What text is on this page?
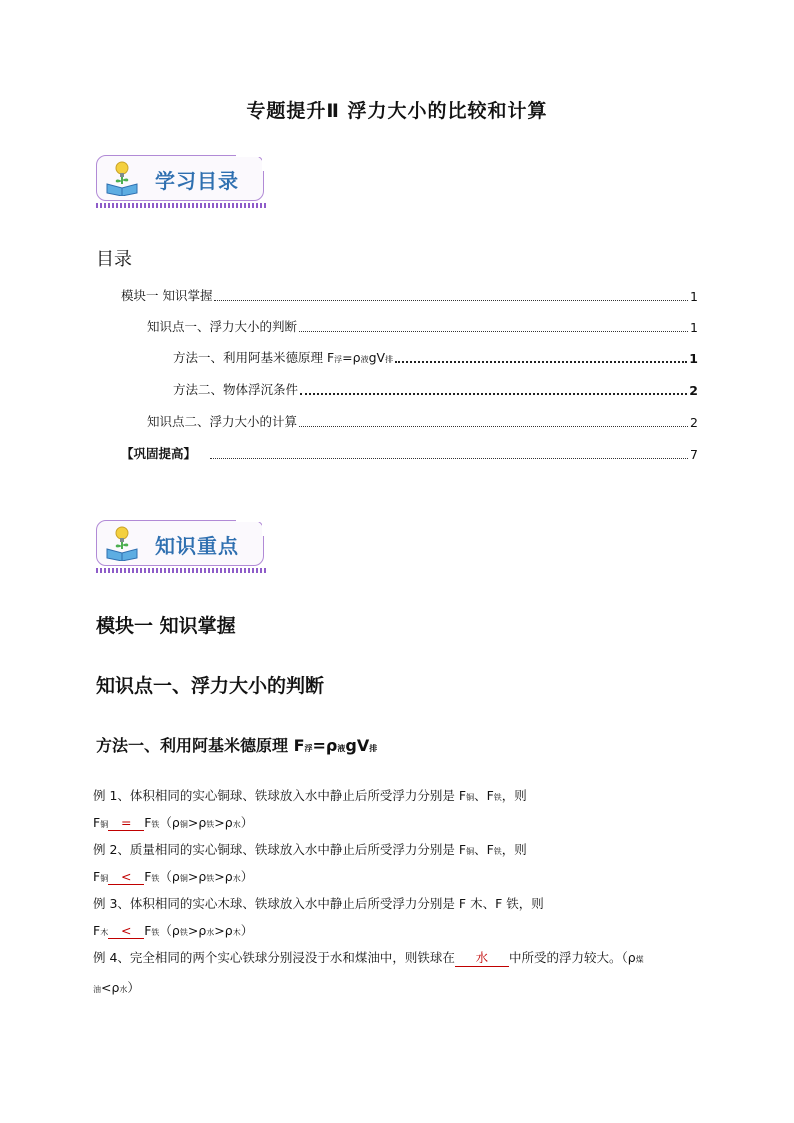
专题提升Ⅱ 浮力大小的比较和计算
学习目录
目录
模块一 知识掌握	1
知识点一、浮力大小的判断	1
方法一、利用阿基米德原理 F浮=ρ液gV排	1
方法二、物体浮沉条件	2
知识点二、浮力大小的计算	2
【巩固提高】	7
知识重点
模块一 知识掌握
知识点一、浮力大小的判断
方法一、利用阿基米德原理 F浮=ρ液gV排
例 1、体积相同的实心铜球、铁球放入水中静止后所受浮力分别是 F铜、F铁，则
F铜 = F铁（ρ铜>ρ铁>ρ水）
例 2、质量相同的实心铜球、铁球放入水中静止后所受浮力分别是 F铜、F铁，则
F铜 < F铁（ρ铜>ρ铁>ρ水）
例 3、体积相同的实心木球、铁球放入水中静止后所受浮力分别是 F 木、F 铁，则
F木 < F铁（ρ铁>ρ水>ρ木）
例 4、完全相同的两个实心铁球分别浸没于水和煤油中，则铁球在 水 中所受的浮力较大。（ρ煤
油<ρ水）
